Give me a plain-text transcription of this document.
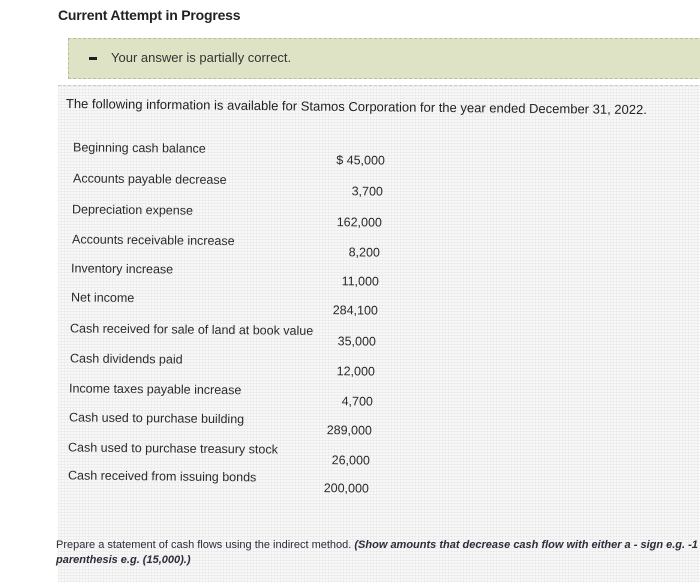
Current Attempt in Progress
Your answer is partially correct.
The following information is available for Stamos Corporation for the year ended December 31, 2022.
Beginning cash balance
$ 45,000
Accounts payable decrease
3,700
Depreciation expense
162,000
Accounts receivable increase
8,200
Inventory increase
11,000
Net income
284,100
Cash received for sale of land at book value
35,000
Cash dividends paid
12,000
Income taxes payable increase
4,700
Cash used to purchase building
289,000
Cash used to purchase treasury stock
26,000
Cash received from issuing bonds
200,000
Prepare a statement of cash flows using the indirect method. (Show amounts that decrease cash flow with either a - sign e.g. -1
parenthesis e.g. (15,000).)
